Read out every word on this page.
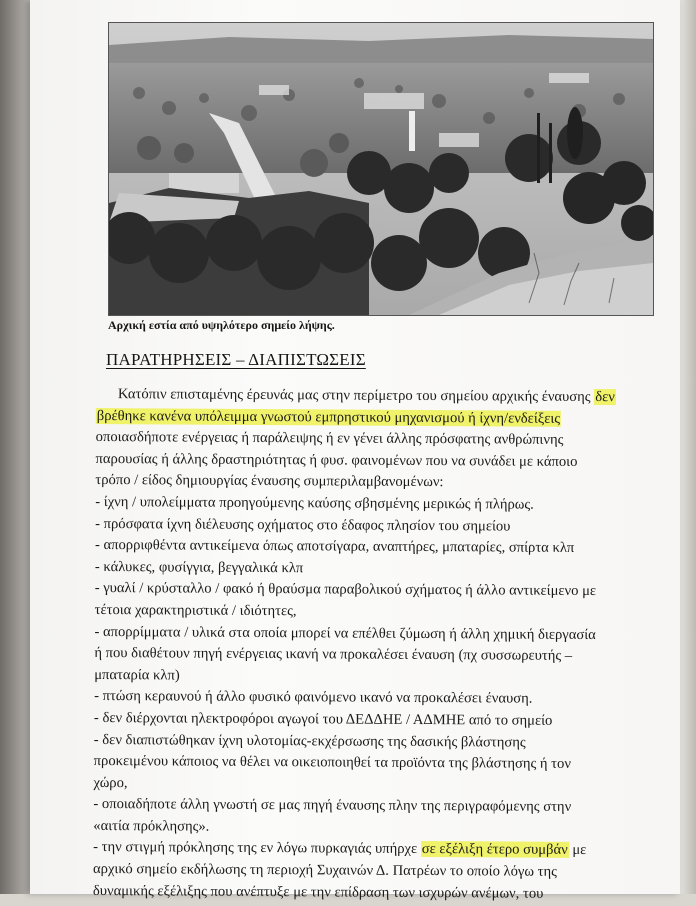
Αρχική εστία από υψηλότερο σημείο λήψης.
ΠΑΡΑΤΗΡΗΣΕΙΣ – ΔΙΑΠΙΣΤΩΣΕΙΣ
Κατόπιν επισταμένης έρευνάς μας στην περίμετρο του σημείου αρχικής έναυσης δεν
βρέθηκε κανένα υπόλειμμα γνωστού εμπρηστικού μηχανισμού ή ίχνη/ενδείξεις
οποιασδήποτε ενέργειας ή παράλειψης ή εν γένει άλλης πρόσφατης ανθρώπινης
παρουσίας ή άλλης δραστηριότητας ή φυσ. φαινομένων που να συνάδει με κάποιο
τρόπο / είδος δημιουργίας έναυσης συμπεριλαμβανομένων:
- ίχνη / υπολείμματα προηγούμενης καύσης σβησμένης μερικώς ή πλήρως.
- πρόσφατα ίχνη διέλευσης οχήματος στο έδαφος πλησίον του σημείου
- απορριφθέντα αντικείμενα όπως αποτσίγαρα, αναπτήρες, μπαταρίες, σπίρτα κλπ
- κάλυκες, φυσίγγια, βεγγαλικά κλπ
- γυαλί / κρύσταλλο / φακό ή θραύσμα παραβολικού σχήματος ή άλλο αντικείμενο με
τέτοια χαρακτηριστικά / ιδιότητες,
- απορρίμματα / υλικά στα οποία μπορεί να επέλθει ζύμωση ή άλλη χημική διεργασία
ή που διαθέτουν πηγή ενέργειας ικανή να προκαλέσει έναυση (πχ συσσωρευτής –
μπαταρία κλπ)
- πτώση κεραυνού ή άλλο φυσικό φαινόμενο ικανό να προκαλέσει έναυση.
- δεν διέρχονται ηλεκτροφόροι αγωγοί του ΔΕΔΔΗΕ / ΑΔΜΗΕ από το σημείο
- δεν διαπιστώθηκαν ίχνη υλοτομίας-εκχέρσωσης της δασικής βλάστησης
προκειμένου κάποιος να θέλει να οικειοποιηθεί τα προϊόντα της βλάστησης ή τον
χώρο,
- οποιαδήποτε άλλη γνωστή σε μας πηγή έναυσης πλην της περιγραφόμενης στην
«αιτία πρόκλησης».
- την στιγμή πρόκλησης της εν λόγω πυρκαγιάς υπήρχε σε εξέλιξη έτερο συμβάν με
αρχικό σημείο εκδήλωσης τη περιοχή Συχαινών Δ. Πατρέων το οποίο λόγω της
δυναμικής εξέλιξης που ανέπτυξε με την επίδραση των ισχυρών ανέμων, του
